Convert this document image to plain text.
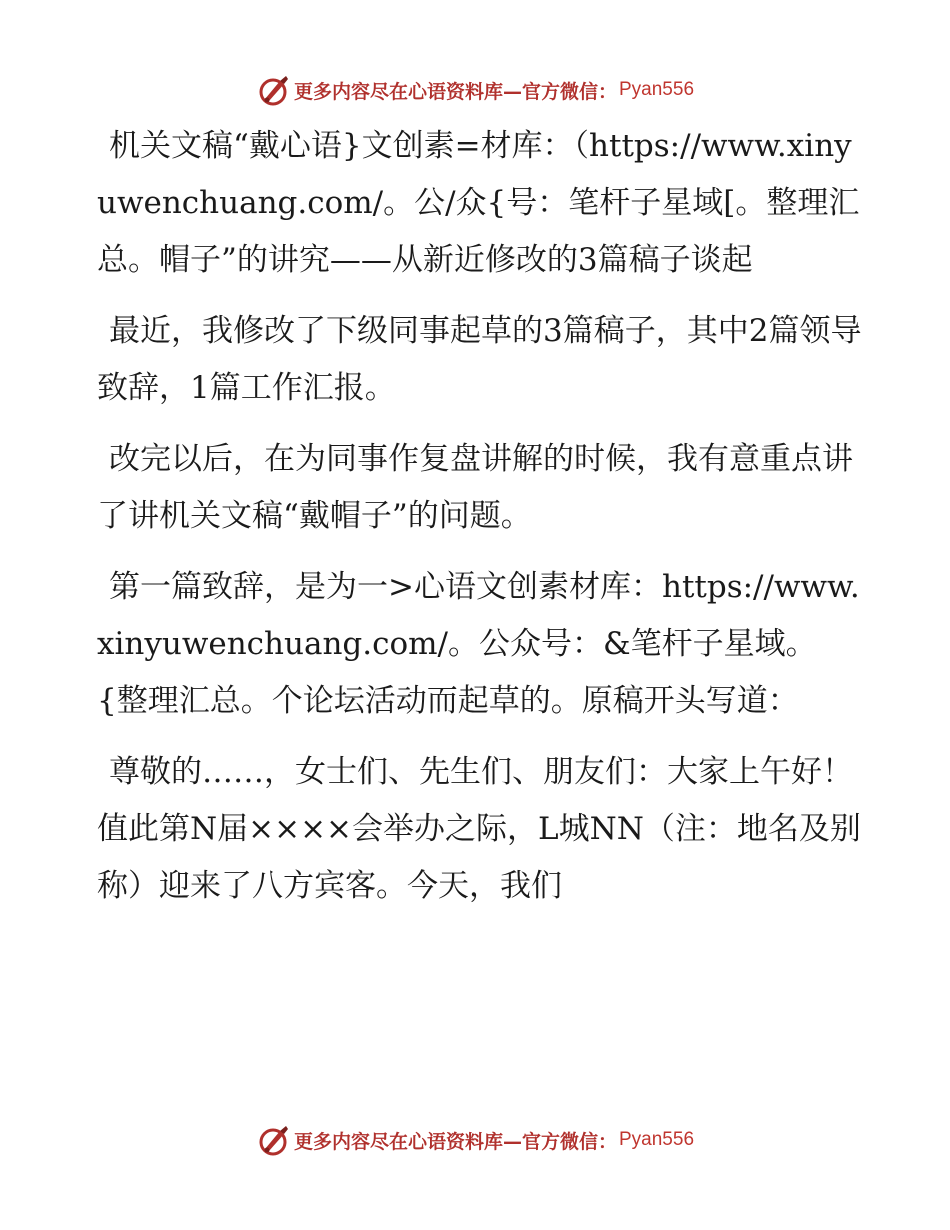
更多内容尽在心语资料库—官方微信： Pyan556

机关文稿“戴心语}文创素=材库：（https://www.xinyuwenchuang.com/。公/众{号：笔杆子星域[。整理汇总。帽子”的讲究——从新近修改的3篇稿子谈起

最近，我修改了下级同事起草的3篇稿子，其中2篇领导致辞，1篇工作汇报。

改完以后，在为同事作复盘讲解的时候，我有意重点讲了讲机关文稿“戴帽子”的问题。

第一篇致辞，是为一>心语文创素材库：https://www.xinyuwenchuang.com/。公众号：&笔杆子星域。{整理汇总。个论坛活动而起草的。原稿开头写道：

尊敬的……，女士们、先生们、朋友们：大家上午好！值此第N届××××会举办之际，L城NN（注：地名及别称）迎来了八方宾客。今天，我们

更多内容尽在心语资料库—官方微信： Pyan556
